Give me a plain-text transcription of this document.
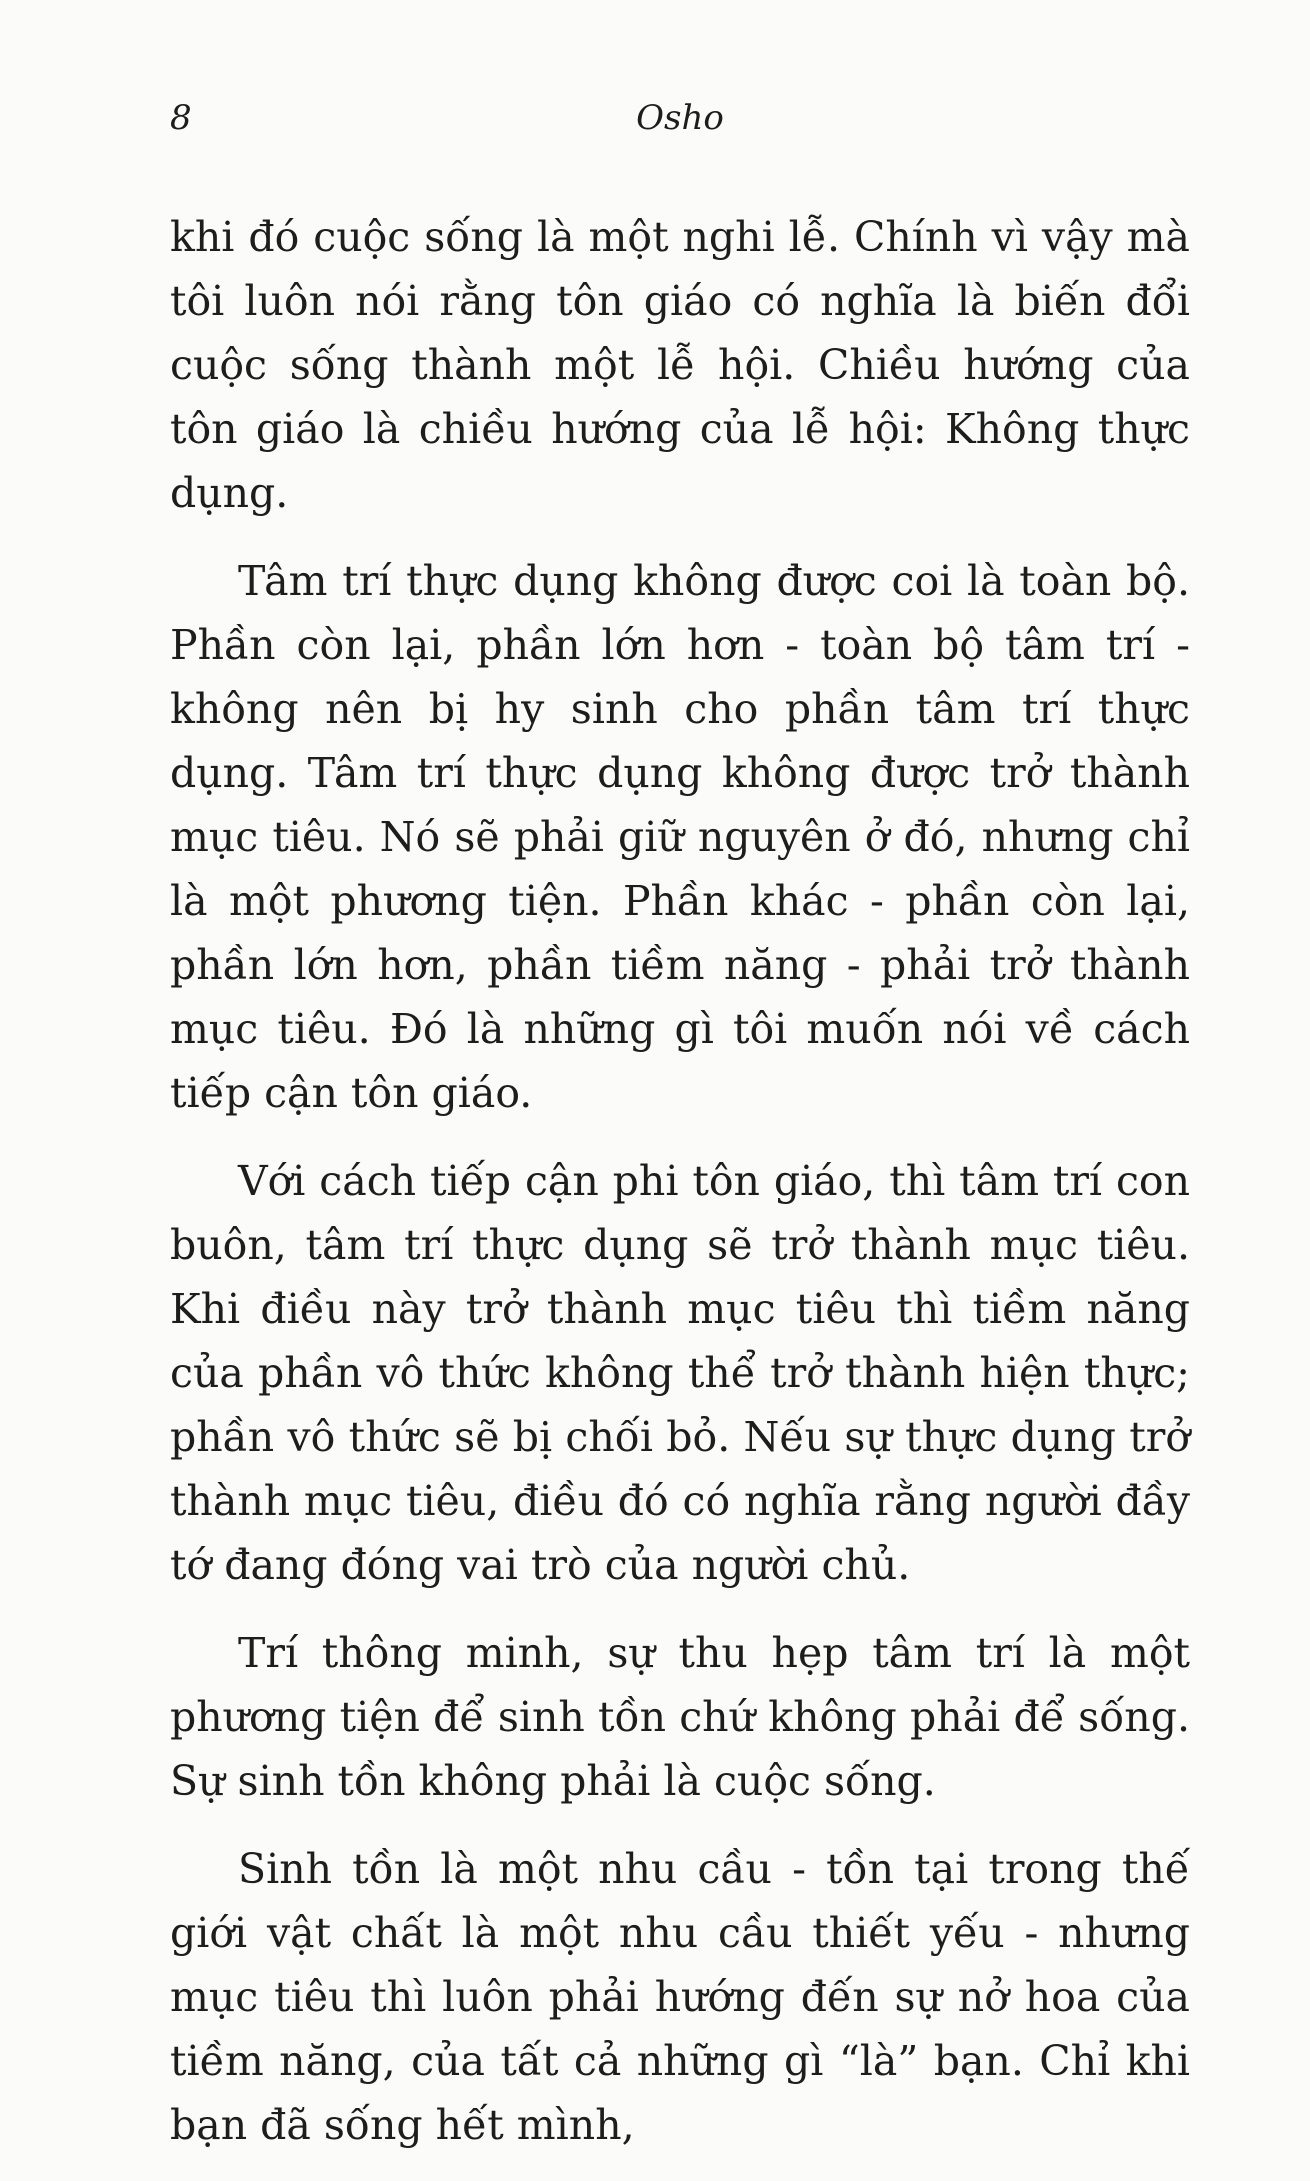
8	Osho

khi đó cuộc sống là một nghi lễ. Chính vì vậy mà tôi luôn nói rằng tôn giáo có nghĩa là biến đổi cuộc sống thành một lễ hội. Chiều hướng của tôn giáo là chiều hướng của lễ hội: Không thực dụng.

Tâm trí thực dụng không được coi là toàn bộ. Phần còn lại, phần lớn hơn - toàn bộ tâm trí - không nên bị hy sinh cho phần tâm trí thực dụng. Tâm trí thực dụng không được trở thành mục tiêu. Nó sẽ phải giữ nguyên ở đó, nhưng chỉ là một phương tiện. Phần khác - phần còn lại, phần lớn hơn, phần tiềm năng - phải trở thành mục tiêu. Đó là những gì tôi muốn nói về cách tiếp cận tôn giáo.

Với cách tiếp cận phi tôn giáo, thì tâm trí con buôn, tâm trí thực dụng sẽ trở thành mục tiêu. Khi điều này trở thành mục tiêu thì tiềm năng của phần vô thức không thể trở thành hiện thực; phần vô thức sẽ bị chối bỏ. Nếu sự thực dụng trở thành mục tiêu, điều đó có nghĩa rằng người đầy tớ đang đóng vai trò của người chủ.

Trí thông minh, sự thu hẹp tâm trí là một phương tiện để sinh tồn chứ không phải để sống. Sự sinh tồn không phải là cuộc sống.

Sinh tồn là một nhu cầu - tồn tại trong thế giới vật chất là một nhu cầu thiết yếu - nhưng mục tiêu thì luôn phải hướng đến sự nở hoa của tiềm năng, của tất cả những gì “là” bạn. Chỉ khi bạn đã sống hết mình,
